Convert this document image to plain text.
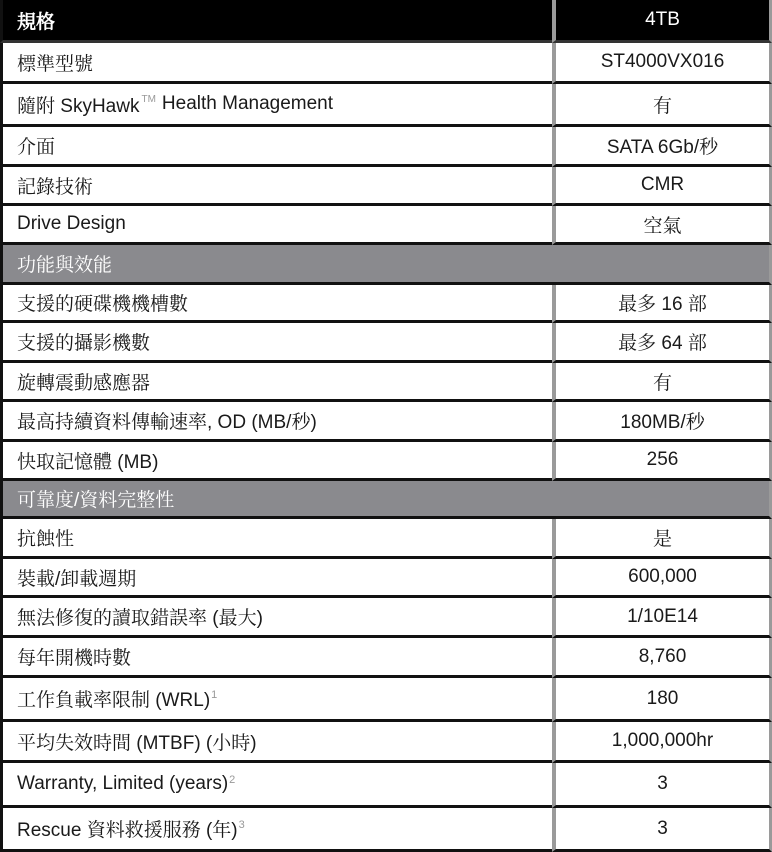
規格	4TB
標準型號	ST4000VX016
隨附 SkyHawk TM Health Management	有
介面	SATA 6Gb/秒
記錄技術	CMR
Drive Design	空氣
功能與效能
支援的硬碟機機槽數	最多 16 部
支援的攝影機數	最多 64 部
旋轉震動感應器	有
最高持續資料傳輸速率, OD (MB/秒)	180MB/秒
快取記憶體 (MB)	256
可靠度/資料完整性
抗蝕性	是
裝載/卸載週期	600,000
無法修復的讀取錯誤率 (最大)	1/10E14
每年開機時數	8,760
工作負載率限制 (WRL)$^1$	180
平均失效時間 (MTBF) (小時)	1,000,000hr
Warranty, Limited (years)$^2$	3
Rescue 資料救援服務 (年)$^3$	3
